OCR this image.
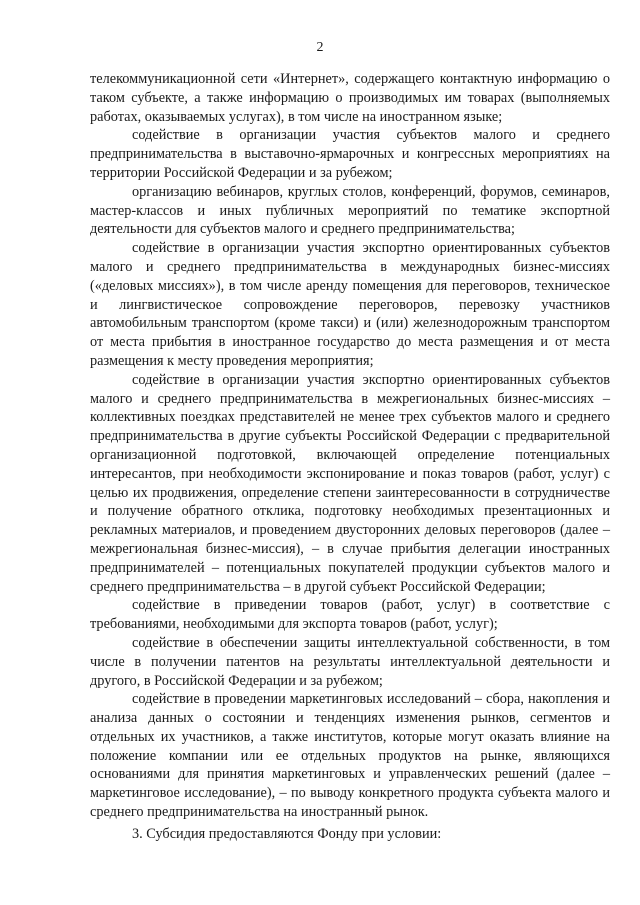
2

телекоммуникационной сети «Интернет», содержащего контактную информацию о таком субъекте, а также информацию о производимых им товарах (выполняемых работах, оказываемых услугах), в том числе на иностранном языке;

содействие в организации участия субъектов малого и среднего предпринимательства в выставочно-ярмарочных и конгрессных мероприятиях на территории Российской Федерации и за рубежом;

организацию вебинаров, круглых столов, конференций, форумов, семинаров, мастер-классов и иных публичных мероприятий по тематике экспортной деятельности для субъектов малого и среднего предпринимательства;

содействие в организации участия экспортно ориентированных субъектов малого и среднего предпринимательства в международных бизнес-миссиях («деловых миссиях»), в том числе аренду помещения для переговоров, техническое и лингвистическое сопровождение переговоров, перевозку участников автомобильным транспортом (кроме такси) и (или) железнодорожным транспортом от места прибытия в иностранное государство до места размещения и от места размещения к месту проведения мероприятия;

содействие в организации участия экспортно ориентированных субъектов малого и среднего предпринимательства в межрегиональных бизнес-миссиях – коллективных поездках представителей не менее трех субъектов малого и среднего предпринимательства в другие субъекты Российской Федерации с предварительной организационной подготовкой, включающей определение потенциальных интересантов, при необходимости экспонирование и показ товаров (работ, услуг) с целью их продвижения, определение степени заинтересованности в сотрудничестве и получение обратного отклика, подготовку необходимых презентационных и рекламных материалов, и проведением двусторонних деловых переговоров (далее – межрегиональная бизнес-миссия), – в случае прибытия делегации иностранных предпринимателей – потенциальных покупателей продукции субъектов малого и среднего предпринимательства – в другой субъект Российской Федерации;

содействие в приведении товаров (работ, услуг) в соответствие с требованиями, необходимыми для экспорта товаров (работ, услуг);

содействие в обеспечении защиты интеллектуальной собственности, в том числе в получении патентов на результаты интеллектуальной деятельности и другого, в Российской Федерации и за рубежом;

содействие в проведении маркетинговых исследований – сбора, накопления и анализа данных о состоянии и тенденциях изменения рынков, сегментов и отдельных их участников, а также институтов, которые могут оказать влияние на положение компании или ее отдельных продуктов на рынке, являющихся основаниями для принятия маркетинговых и управленческих решений (далее – маркетинговое исследование), – по выводу конкретного продукта субъекта малого и среднего предпринимательства на иностранный рынок.

3. Субсидия предоставляются Фонду при условии:
